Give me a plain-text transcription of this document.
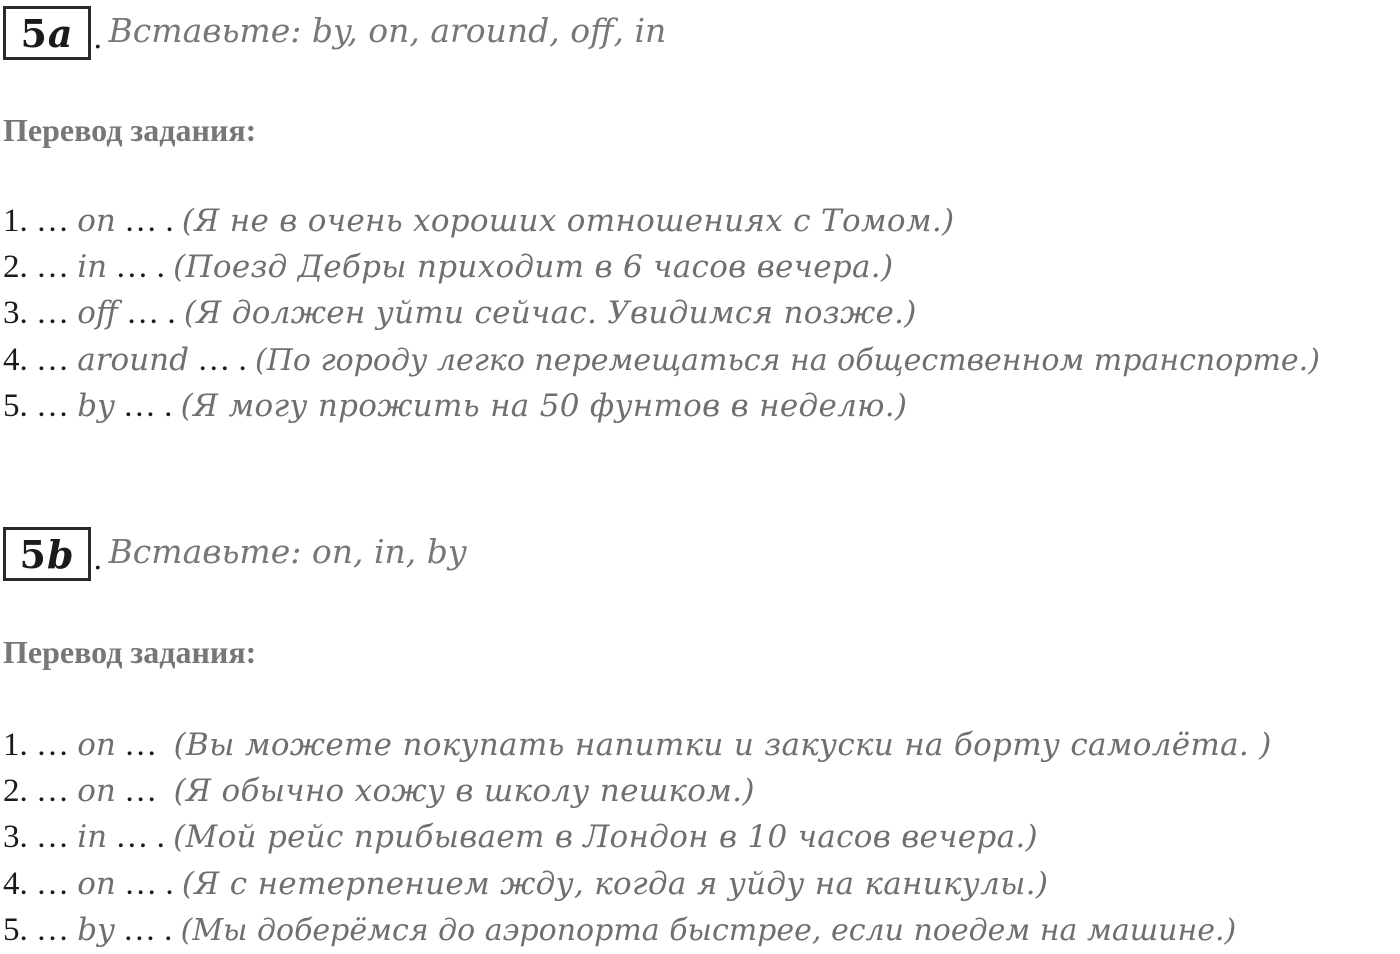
5 a . Вставьте: by, on, around, off, in
Перевод задания:
1. … on … . (Я не в очень хороших отношениях с Томом.)
2. … in … . (Поезд Дебры приходит в 6 часов вечера.)
3. … off … . (Я должен уйти сейчас. Увидимся позже.)
4. … around … . (По городу легко перемещаться на общественном транспорте.)
5. … by … . (Я могу прожить на 50 фунтов в неделю.)
5 b . Вставьте: on, in, by
Перевод задания:
1. … on …  (Вы можете покупать напитки и закуски на борту самолёта. )
2. … on …  (Я обычно хожу в школу пешком.)
3. … in … . (Мой рейс прибывает в Лондон в 10 часов вечера.)
4. … on … . (Я с нетерпением жду, когда я уйду на каникулы.)
5. … by … . (Мы доберёмся до аэропорта быстрее, если поедем на машине.)
